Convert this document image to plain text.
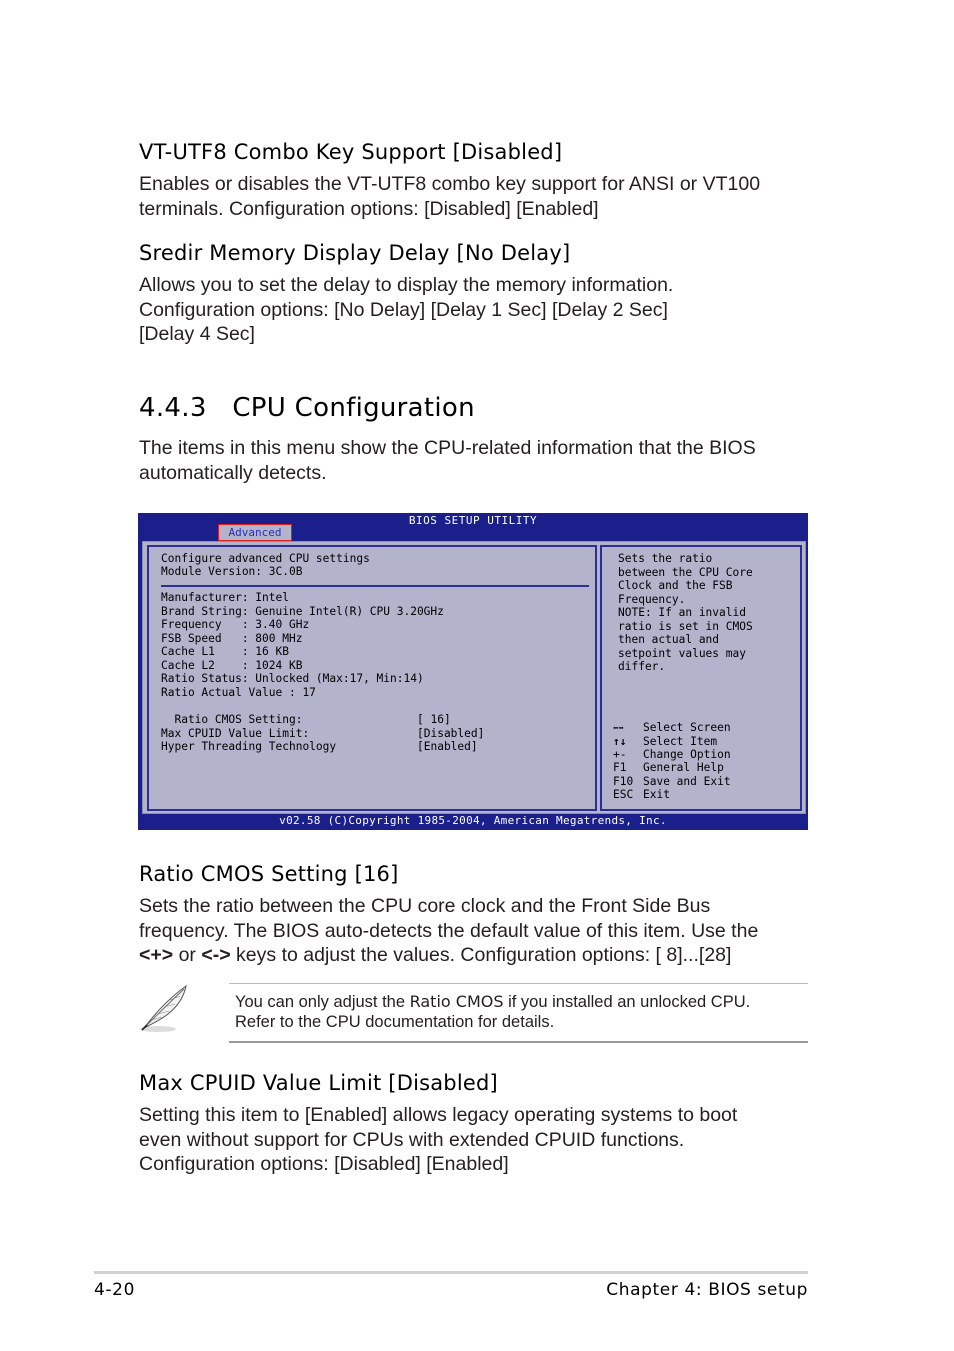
VT-UTF8 Combo Key Support [Disabled]
Enables or disables the VT-UTF8 combo key support for ANSI or VT100
terminals. Configuration options: [Disabled] [Enabled]
Sredir Memory Display Delay [No Delay]
Allows you to set the delay to display the memory information.
Configuration options: [No Delay] [Delay 1 Sec] [Delay 2 Sec]
[Delay 4 Sec]
4.4.3   CPU Configuration
The items in this menu show the CPU-related information that the BIOS
automatically detects.
BIOS SETUP UTILITY
Advanced
Configure advanced CPU settings
Module Version: 3C.0B
Manufacturer: Intel
Brand String: Genuine Intel(R) CPU 3.20GHz
Frequency   : 3.40 GHz
FSB Speed   : 800 MHz
Cache L1    : 16 KB
Cache L2    : 1024 KB
Ratio Status: Unlocked (Max:17, Min:14)
Ratio Actual Value : 17
Ratio CMOS Setting:	[ 16]
Max CPUID Value Limit:	[Disabled]
Hyper Threading Technology	[Enabled]
Sets the ratio
between the CPU Core
Clock and the FSB
Frequency.
NOTE: If an invalid
ratio is set in CMOS
then actual and
setpoint values may
differ.
⬅➡ Select Screen
↑↓ Select Item
+- Change Option
F1 General Help
F10 Save and Exit
ESC Exit
v02.58 (C)Copyright 1985-2004, American Megatrends, Inc.
Ratio CMOS Setting [16]
Sets the ratio between the CPU core clock and the Front Side Bus
frequency. The BIOS auto-detects the default value of this item. Use the
<+> or <-> keys to adjust the values. Configuration options: [ 8]...[28]
You can only adjust the Ratio CMOS if you installed an unlocked CPU.
Refer to the CPU documentation for details.
Max CPUID Value Limit [Disabled]
Setting this item to [Enabled] allows legacy operating systems to boot
even without support for CPUs with extended CPUID functions.
Configuration options: [Disabled] [Enabled]
4-20	Chapter 4: BIOS setup
